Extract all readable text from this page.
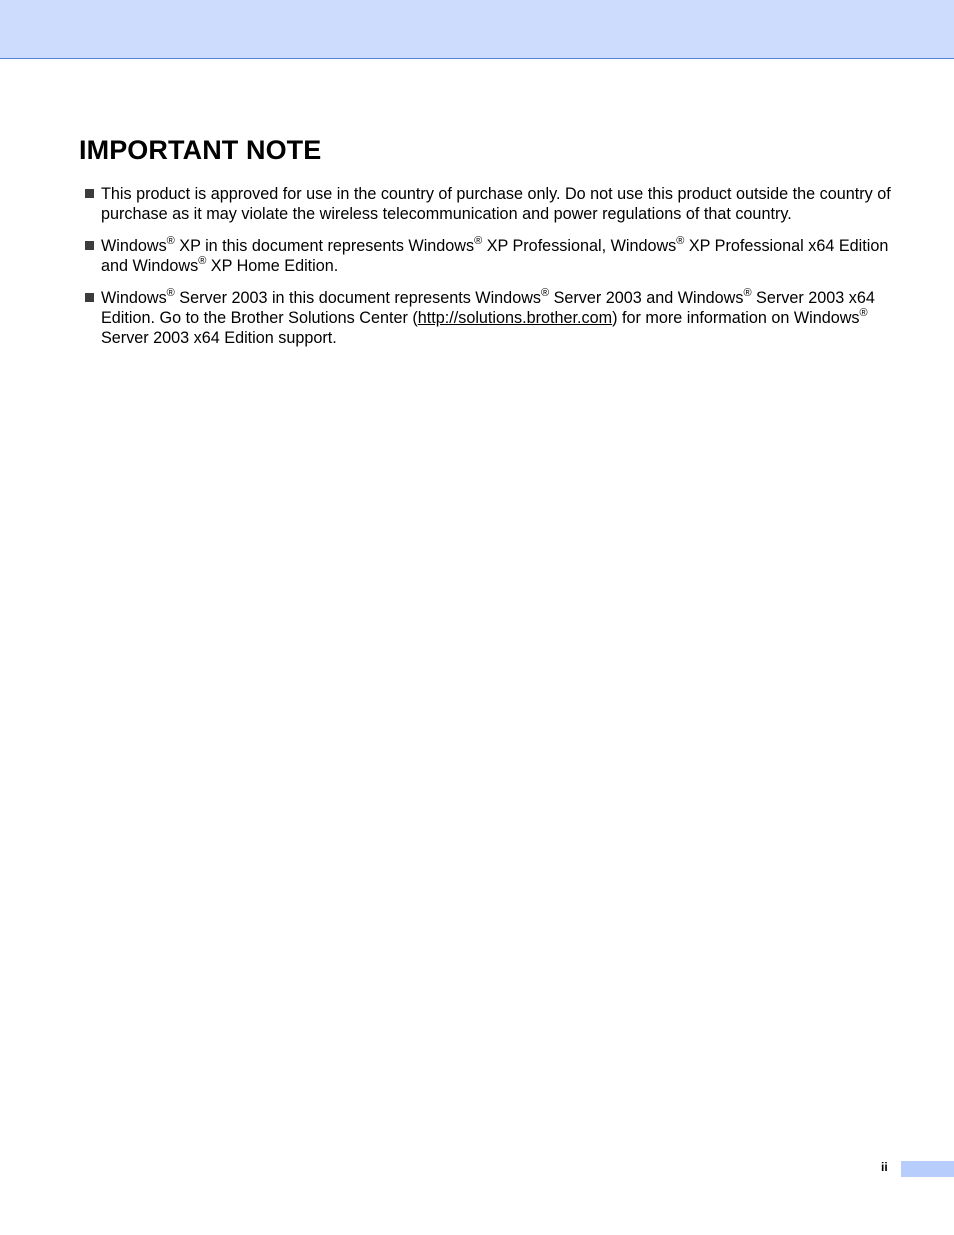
IMPORTANT NOTE
This product is approved for use in the country of purchase only. Do not use this product outside the country of purchase as it may violate the wireless telecommunication and power regulations of that country.
Windows® XP in this document represents Windows® XP Professional, Windows® XP Professional x64 Edition and Windows® XP Home Edition.
Windows® Server 2003 in this document represents Windows® Server 2003 and Windows® Server 2003 x64 Edition. Go to the Brother Solutions Center (http://solutions.brother.com) for more information on Windows® Server 2003 x64 Edition support.
ii
